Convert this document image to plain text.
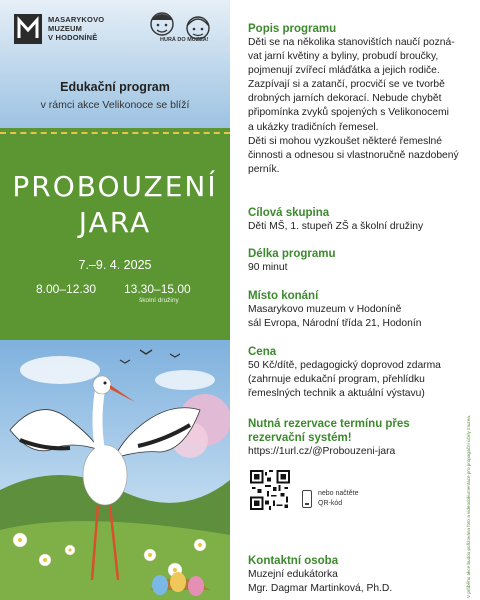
MASARYKOVO
MUZEUM
V HODONÍNĚ	HURÁ DO MUZEA!
Edukační program
v rámci akce Velikonoce se blíží
PROBOUZENÍ
JARA
7.–9. 4. 2025
8.00–12.30 13.30–15.00
školní družiny
Popis programu
Děti se na několika stanovištích naučí pozná-
vat jarní květiny a byliny, probudí broučky,
pojmenují zvířecí mláďátka a jejich rodiče.
Zazpívají si a zatančí, procvičí se ve tvorbě
drobných jarních dekorací. Nebude chybět
připomínka zvyků spojených s Velikonocemi
a ukázky tradičních řemesel.
Děti si mohou vyzkoušet některé řemeslné
činnosti a odnesou si vlastnoručně nazdobený
perník.
Cílová skupina
Děti MŠ, 1. stupeň ZŠ a školní družiny
Délka programu
90 minut
Místo konání
Masarykovo muzeum v Hodoníně
sál Evropa, Národní třída 21, Hodonín
Cena
50 Kč/dítě, pedagogický doprovod zdarma
(zahrnuje edukační program, přehlídku
řemeslných technik a aktuální výstavu)
Nutná rezervace termínu přes
rezervační systém!
https://1url.cz/@Probouzeni-jara
Kontaktní osoba
Muzejní edukátorka
Mgr. Dagmar Martinková, Ph.D.
nebo načtěte
QR-kód	V průběhu akce budou pořizována foto a videodokumentace pro propagační účely muzea.
